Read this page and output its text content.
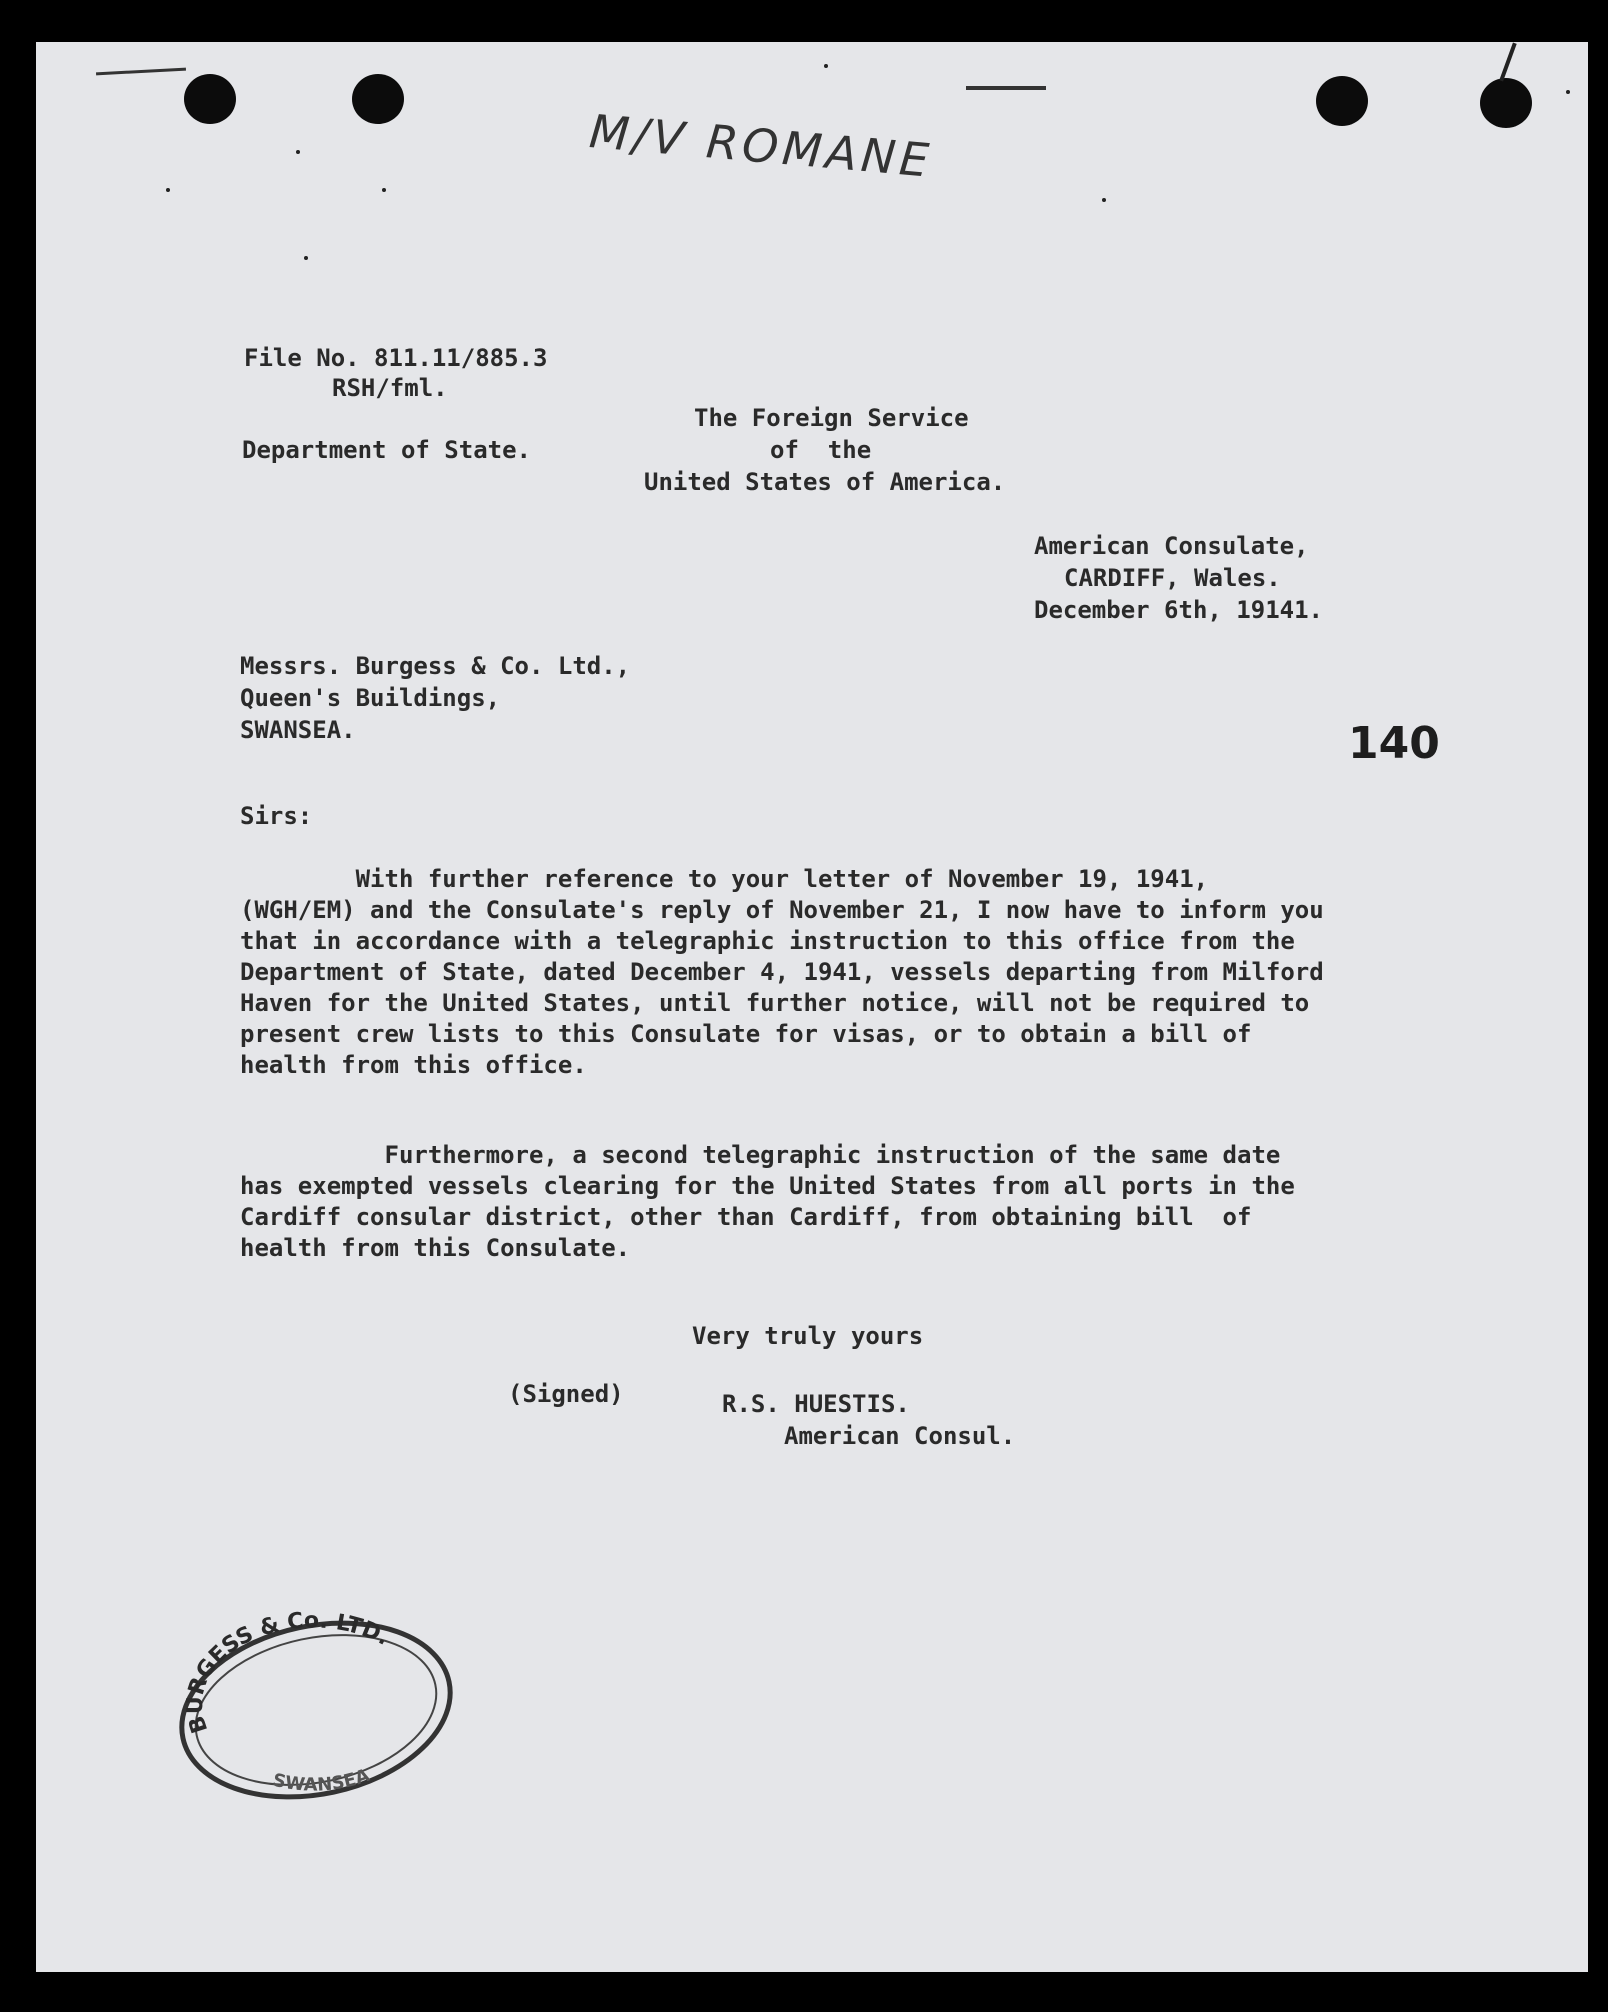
M/V ROMANE
File No. 811.11/885.3
RSH/fml.
Department of State.
The Foreign Service
of  the
United States of America.
American Consulate,
CARDIFF, Wales.
December 6th, 19141.
Messrs. Burgess & Co. Ltd.,
Queen's Buildings,
SWANSEA.	140
Sirs:
With further reference to your letter of November 19, 1941,
(WGH/EM) and the Consulate's reply of November 21, I now have to inform you
that in accordance with a telegraphic instruction to this office from the
Department of State, dated December 4, 1941, vessels departing from Milford
Haven for the United States, until further notice, will not be required to
present crew lists to this Consulate for visas, or to obtain a bill of
health from this office.
Furthermore, a second telegraphic instruction of the same date
has exempted vessels clearing for the United States from all ports in the
Cardiff consular district, other than Cardiff, from obtaining bill  of
health from this Consulate.
Very truly yours
(Signed)	R.S. HUESTIS.
American Consul.
BURGESS & Co. LTD.
SWANSEA
